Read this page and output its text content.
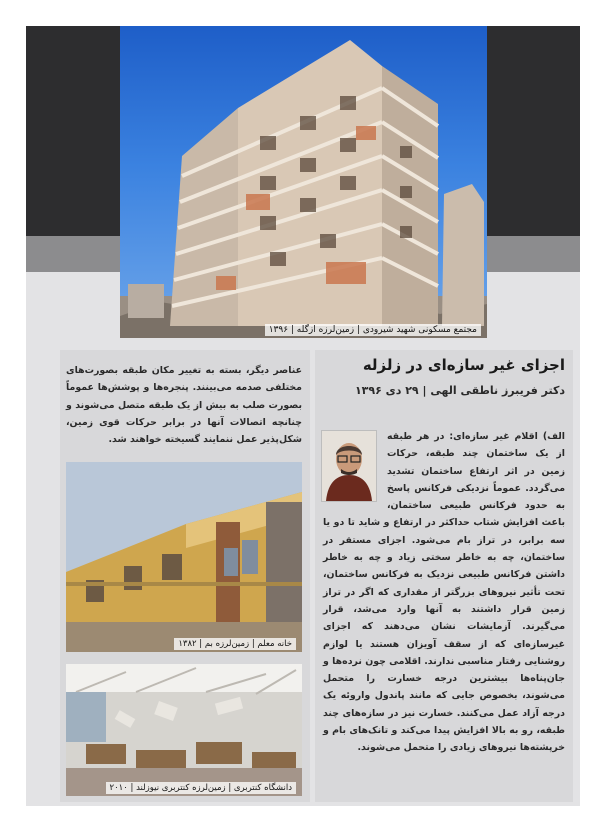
مجتمع مسکونی شهید شیرودی | زمین‌لرزه ازگله | ۱۳۹۶
اجزای غیر سازه‌ای در زلزله
دکتر فریبرز ناطقی الهی | ۲۹ دی ۱۳۹۶
الف) اقلام غیر سازه‌ای: در هر طبقه از یک ساختمان چند طبقه، حرکات زمین در اثر ارتفاع ساختمان تشدید می‌گردد. عموماً نزدیکی فرکانس پاسخ به حدود فرکانس طبیعی ساختمان، باعث افزایش شتاب حداکثر در ارتفاع و شاید تا دو یا سه برابر، در تراز بام می‌شود. اجزای مستقر در ساختمان، چه به خاطر سختی زیاد و چه به خاطر داشتن فرکانس طبیعی نزدیک به فرکانس ساختمان، تحت تأثیر نیروهای بزرگتر از مقداری که اگر در تراز زمین قرار داشتند به آنها وارد می‌شد، قرار می‌گیرند. آزمایشات نشان می‌دهند که اجزای غیرسازه‌ای که از سقف آویزان هستند یا لوازم روشنایی رفتار مناسبی ندارند. اقلامی چون نرده‌ها و جان‌پناه‌ها بیشترین درجه خسارت را متحمل می‌شوند، بخصوص جایی که مانند پاندول واروئه یک درجه آزاد عمل می‌کنند. خسارت نیز در سازه‌های چند طبقه، رو به بالا افزایش پیدا می‌کند و تانک‌های بام و خرپشته‌ها نیروهای زیادی را متحمل می‌شوند.
عناصر دیگر، بسته به تغییر مکان طبقه بصورت‌های مختلفی صدمه می‌بینند. پنجره‌ها و پوشش‌ها عموماً بصورت صلب به بیش از یک طبقه متصل می‌شوند و چنانچه اتصالات آنها در برابر حرکات قوی زمین، شکل‌پذیر عمل ننمایند گسیخته خواهند شد.
خانه معلم | زمین‌لرزه بم | ۱۳۸۲
دانشگاه کنتربری | زمین‌لرزه کنتربری نیوزلند | ۲۰۱۰
